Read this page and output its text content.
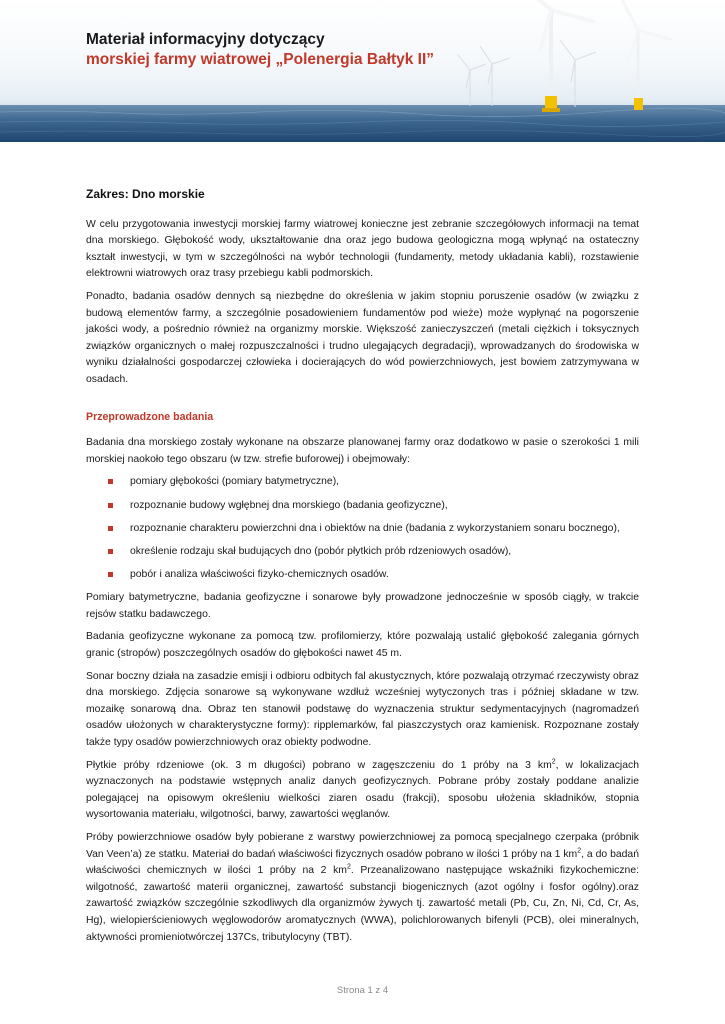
Materiał informacyjny dotyczący
morskiej farmy wiatrowej „Polenergia Bałtyk II”
Zakres: Dno morskie

W celu przygotowania inwestycji morskiej farmy wiatrowej konieczne jest zebranie szczegółowych informacji na temat dna morskiego. Głębokość wody, ukształtowanie dna oraz jego budowa geologiczna mogą wpłynąć na ostateczny kształt inwestycji, w tym w szczególności na wybór technologii (fundamenty, metody układania kabli), rozstawienie elektrowni wiatrowych oraz trasy przebiegu kabli podmorskich.

Ponadto, badania osadów dennych są niezbędne do określenia w jakim stopniu poruszenie osadów (w związku z budową elementów farmy, a szczególnie posadowieniem fundamentów pod wieże) może wypłynąć na pogorszenie jakości wody, a pośrednio również na organizmy morskie. Większość zanieczyszczeń (metali ciężkich i toksycznych związków organicznych o małej rozpuszczalności i trudno ulegających degradacji), wprowadzanych do środowiska w wyniku działalności gospodarczej człowieka i docierających do wód powierzchniowych, jest bowiem zatrzymywana w osadach.

Przeprowadzone badania

Badania dna morskiego zostały wykonane na obszarze planowanej farmy oraz dodatkowo w pasie o szerokości 1 mili morskiej naokoło tego obszaru (w tzw. strefie buforowej) i obejmowały:

pomiary głębokości (pomiary batymetryczne),
rozpoznanie budowy wgłębnej dna morskiego (badania geofizyczne),
rozpoznanie charakteru powierzchni dna i obiektów na dnie (badania z wykorzystaniem sonaru bocznego),
określenie rodzaju skał budujących dno (pobór płytkich prób rdzeniowych osadów),
pobór i analiza właściwości fizyko-chemicznych osadów.

Pomiary batymetryczne, badania geofizyczne i sonarowe były prowadzone jednocześnie w sposób ciągły, w trakcie rejsów statku badawczego.

Badania geofizyczne wykonane za pomocą tzw. profilomierzy, które pozwalają ustalić głębokość zalegania górnych granic (stropów) poszczególnych osadów do głębokości nawet 45 m.

Sonar boczny działa na zasadzie emisji i odbioru odbitych fal akustycznych, które pozwalają otrzymać rzeczywisty obraz dna morskiego. Zdjęcia sonarowe są wykonywane wzdłuż wcześniej wytyczonych tras i później składane w tzw. mozaikę sonarową dna. Obraz ten stanowił podstawę do wyznaczenia struktur sedymentacyjnych (nagromadzeń osadów ułożonych w charakterystyczne formy): ripplemarków, fal piaszczystych oraz kamienisk. Rozpoznane zostały także typy osadów powierzchniowych oraz obiekty podwodne.

Płytkie próby rdzeniowe (ok. 3 m długości) pobrano w zagęszczeniu do 1 próby na 3 $km^2$, w lokalizacjach wyznaczonych na podstawie wstępnych analiz danych geofizycznych. Pobrane próby zostały poddane analizie polegającej na opisowym określeniu wielkości ziaren osadu (frakcji), sposobu ułożenia składników, stopnia wysortowania materiału, wilgotności, barwy, zawartości węglanów.

Próby powierzchniowe osadów były pobierane z warstwy powierzchniowej za pomocą specjalnego czerpaka (próbnik Van Veen’a) ze statku. Materiał do badań właściwości fizycznych osadów pobrano w ilości 1 próby na 1 $km^2$, a do badań właściwości chemicznych w ilości 1 próby na 2 $km^2$. Przeanalizowano następujące wskaźniki fizykochemiczne: wilgotność, zawartość materii organicznej, zawartość substancji biogenicznych (azot ogólny i fosfor ogólny).oraz zawartość związków szczególnie szkodliwych dla organizmów żywych tj. zawartość metali (Pb, Cu, Zn, Ni, Cd, Cr, As, Hg), wielopierścieniowych węglowodorów aromatycznych (WWA), polichlorowanych bifenyli (PCB), olei mineralnych, aktywności promieniotwórczej 137Cs, tributylocyny (TBT).

Strona 1 z 4
